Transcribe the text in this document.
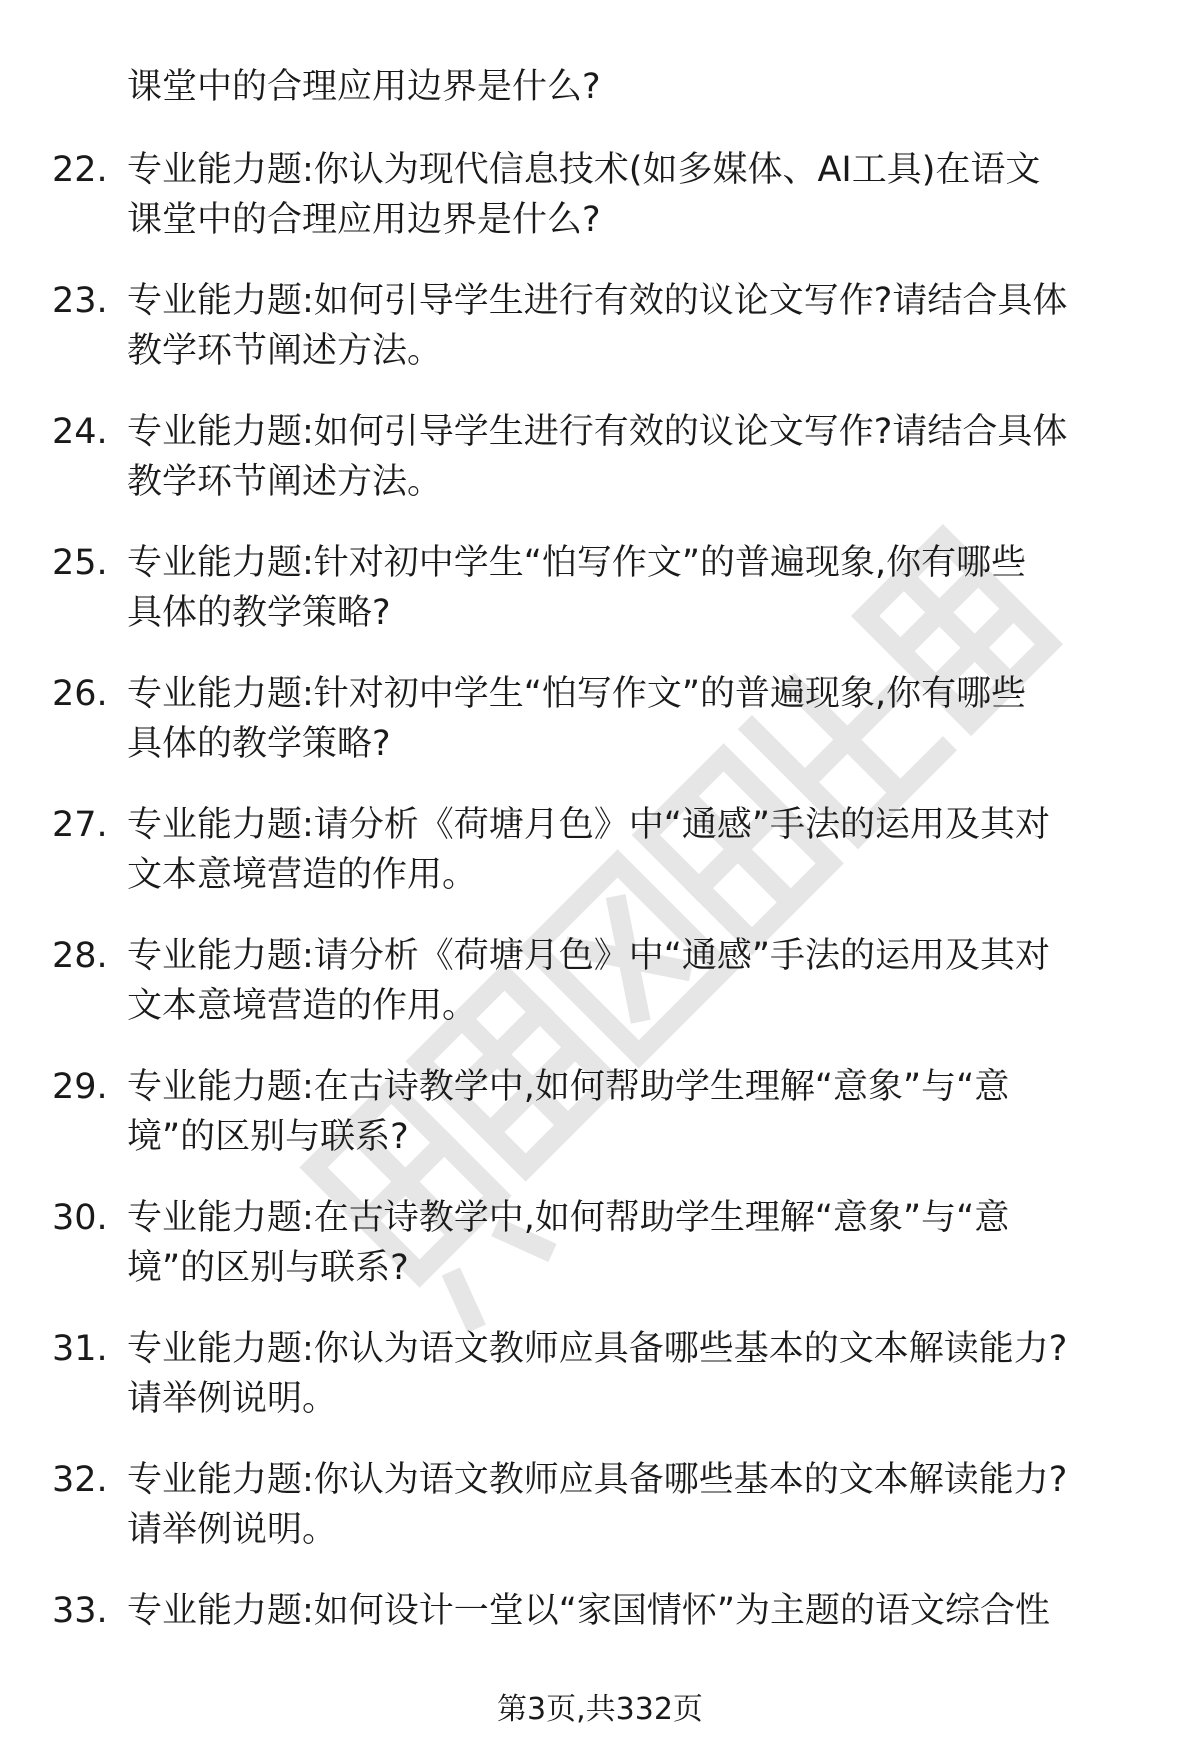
课堂中的合理应用边界是什么?
22. 专业能力题:你认为现代信息技术(如多媒体、AI工具)在语文
课堂中的合理应用边界是什么?
23. 专业能力题:如何引导学生进行有效的议论文写作?请结合具体
教学环节阐述方法。
24. 专业能力题:如何引导学生进行有效的议论文写作?请结合具体
教学环节阐述方法。
25. 专业能力题:针对初中学生“怕写作文”的普遍现象,你有哪些
具体的教学策略?
26. 专业能力题:针对初中学生“怕写作文”的普遍现象,你有哪些
具体的教学策略?
27. 专业能力题:请分析《荷塘月色》中“通感”手法的运用及其对
文本意境营造的作用。
28. 专业能力题:请分析《荷塘月色》中“通感”手法的运用及其对
文本意境营造的作用。
29. 专业能力题:在古诗教学中,如何帮助学生理解“意象”与“意
境”的区别与联系?
30. 专业能力题:在古诗教学中,如何帮助学生理解“意象”与“意
境”的区别与联系?
31. 专业能力题:你认为语文教师应具备哪些基本的文本解读能力?
请举例说明。
32. 专业能力题:你认为语文教师应具备哪些基本的文本解读能力?
请举例说明。
33. 专业能力题:如何设计一堂以“家国情怀”为主题的语文综合性
第3页,共332页
